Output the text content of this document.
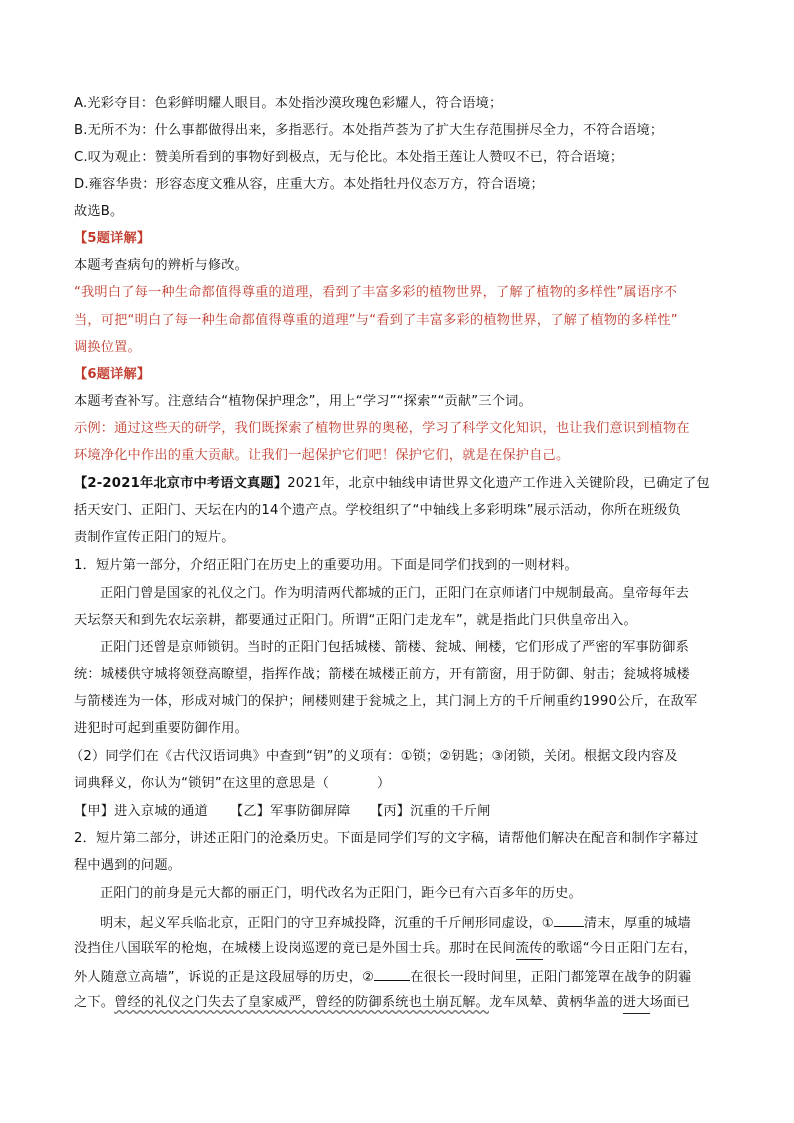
A.光彩夺目：色彩鲜明耀人眼目。本处指沙漠玫瑰色彩耀人，符合语境；
B.无所不为：什么事都做得出来，多指恶行。本处指芦荟为了扩大生存范围拼尽全力，不符合语境；
C.叹为观止：赞美所看到的事物好到极点，无与伦比。本处指王莲让人赞叹不已，符合语境；
D.雍容华贵：形容态度文雅从容，庄重大方。本处指牡丹仪态万方，符合语境；
故选B。
【5题详解】
本题考查病句的辨析与修改。
“我明白了每一种生命都值得尊重的道理，看到了丰富多彩的植物世界，了解了植物的多样性”属语序不
当，可把“明白了每一种生命都值得尊重的道理”与“看到了丰富多彩的植物世界，了解了植物的多样性”
调换位置。
【6题详解】
本题考查补写。注意结合“植物保护理念”，用上“学习”“探索”“贡献”三个词。
示例：通过这些天的研学，我们既探索了植物世界的奥秘，学习了科学文化知识，也让我们意识到植物在
环境净化中作出的重大贡献。让我们一起保护它们吧！保护它们，就是在保护自己。
【2-2021年北京市中考语文真题】2021年，北京中轴线申请世界文化遗产工作进入关键阶段，已确定了包
括天安门、正阳门、天坛在内的14个遗产点。学校组织了“中轴线上多彩明珠”展示活动，你所在班级负
责制作宣传正阳门的短片。
1．短片第一部分，介绍正阳门在历史上的重要功用。下面是同学们找到的一则材料。
正阳门曾是国家的礼仪之门。作为明清两代都城的正门，正阳门在京师诸门中规制最高。皇帝每年去
天坛祭天和到先农坛亲耕，都要通过正阳门。所谓“正阳门走龙车”，就是指此门只供皇帝出入。
正阳门还曾是京师锁钥。当时的正阳门包括城楼、箭楼、瓮城、闸楼，它们形成了严密的军事防御系
统：城楼供守城将领登高瞭望，指挥作战；箭楼在城楼正前方，开有箭窗，用于防御、射击；瓮城将城楼
与箭楼连为一体，形成对城门的保护；闸楼则建于瓮城之上，其门洞上方的千斤闸重约1990公斤，在敌军
进犯时可起到重要防御作用。
（2）同学们在《古代汉语词典》中查到“钥”的义项有：①锁；②钥匙；③闭锁，关闭。根据文段内容及
词典释义，你认为“锁钥”在这里的意思是（	）
【甲】进入京城的通道 【乙】军事防御屏障 【丙】沉重的千斤闸
2．短片第二部分，讲述正阳门的沧桑历史。下面是同学们写的文字稿，请帮他们解决在配音和制作字幕过
程中遇到的问题。
正阳门的前身是元大都的丽正门，明代改名为正阳门，距今已有六百多年的历史。
明末，起义军兵临北京，正阳门的守卫弃城投降，沉重的千斤闸形同虚设，① 清末，厚重的城墙
没挡住八国联军的枪炮，在城楼上设岗巡逻的竟已是外国士兵。那时在民间流传的歌谣“今日正阳门左右，
外人随意立高墙”，诉说的正是这段屈辱的历史，②	在很长一段时间里，正阳门都笼罩在战争的阴霾
之下。曾经的礼仪之门失去了皇家威严，曾经的防御系统也土崩瓦解。龙车凤辇、黄柄华盖的迸大场面已
